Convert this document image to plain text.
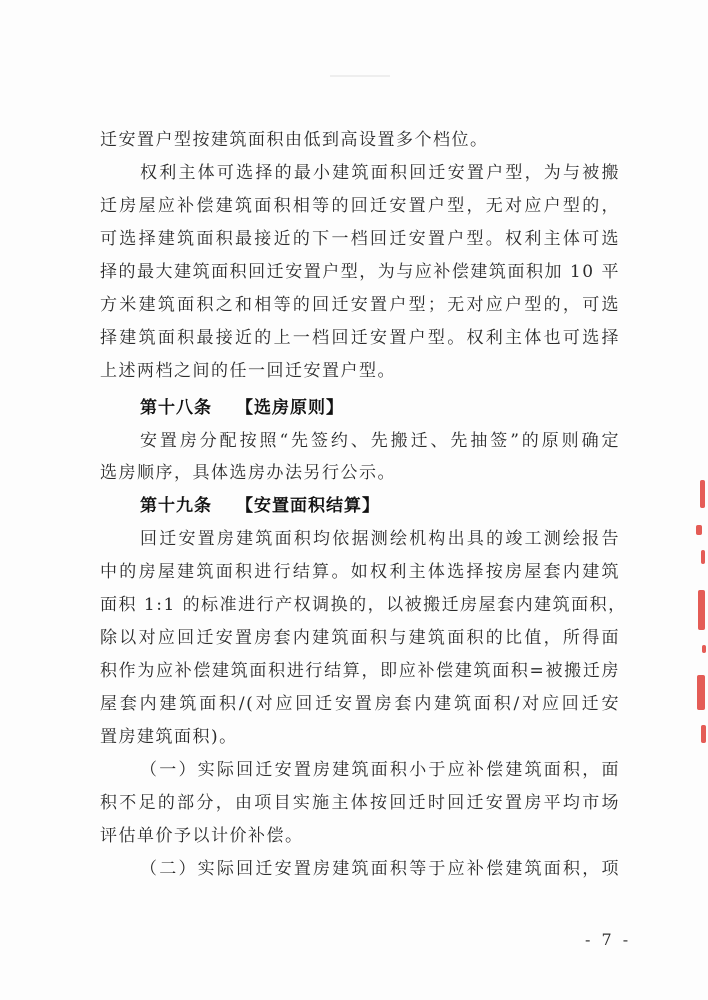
迁安置户型按建筑面积由低到高设置多个档位。
权利主体可选择的最小建筑面积回迁安置户型，为与被搬
迁房屋应补偿建筑面积相等的回迁安置户型，无对应户型的，
可选择建筑面积最接近的下一档回迁安置户型。权利主体可选
择的最大建筑面积回迁安置户型，为与应补偿建筑面积加 10 平
方米建筑面积之和相等的回迁安置户型；无对应户型的，可选
择建筑面积最接近的上一档回迁安置户型。权利主体也可选择
上述两档之间的任一回迁安置户型。
第十八条 【选房原则】
安置房分配按照“先签约、先搬迁、先抽签”的原则确定
选房顺序，具体选房办法另行公示。
第十九条 【安置面积结算】
回迁安置房建筑面积均依据测绘机构出具的竣工测绘报告
中的房屋建筑面积进行结算。如权利主体选择按房屋套内建筑
面积 1:1 的标准进行产权调换的，以被搬迁房屋套内建筑面积，
除以对应回迁安置房套内建筑面积与建筑面积的比值，所得面
积作为应补偿建筑面积进行结算，即应补偿建筑面积=被搬迁房
屋套内建筑面积/(对应回迁安置房套内建筑面积/对应回迁安
置房建筑面积)。
（一）实际回迁安置房建筑面积小于应补偿建筑面积，面
积不足的部分，由项目实施主体按回迁时回迁安置房平均市场
评估单价予以计价补偿。
（二）实际回迁安置房建筑面积等于应补偿建筑面积，项
- 7 -
